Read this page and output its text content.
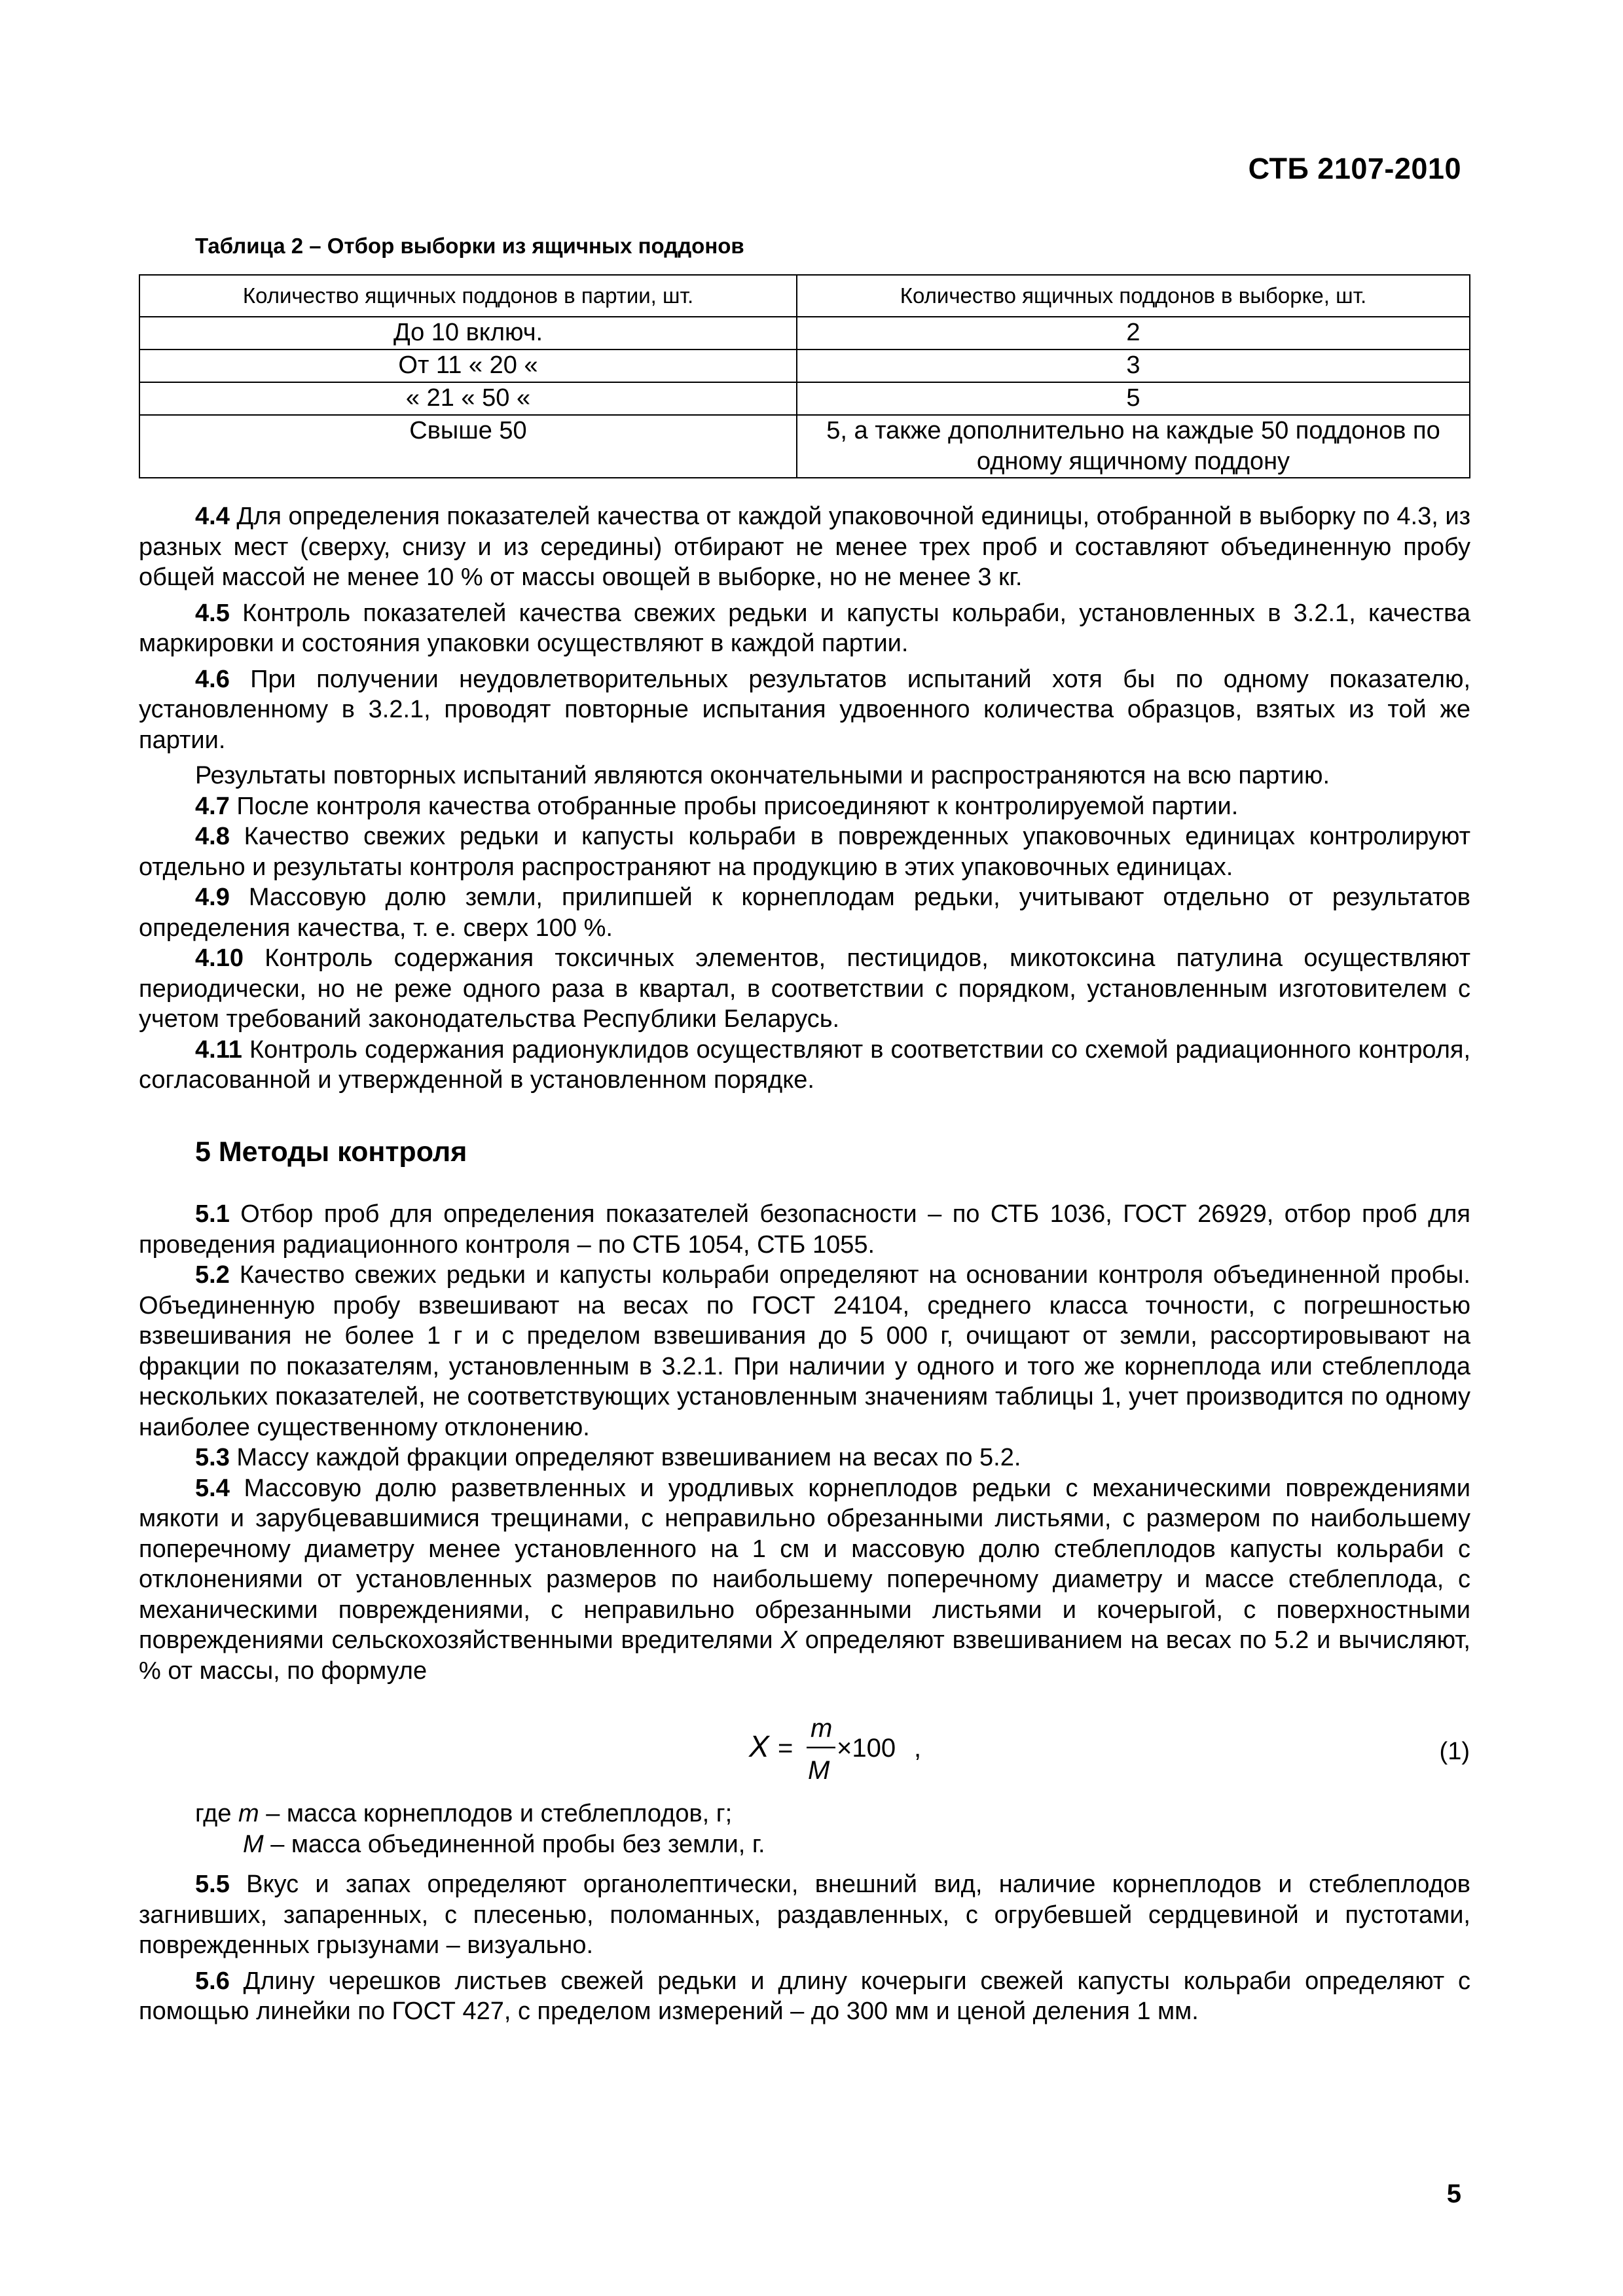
СТБ 2107-2010
Таблица 2 – Отбор выборки из ящичных поддонов
Количество ящичных поддонов в партии, шт.	Количество ящичных поддонов в выборке, шт.
До 10 включ.	2
От 11 « 20 «	3
« 21 « 50 «	5
Свыше 50	5, а также дополнительно на каждые 50 поддонов по одному ящичному поддону

4.4 Для определения показателей качества от каждой упаковочной единицы, отобранной в выборку по 4.3, из разных мест (сверху, снизу и из середины) отбирают не менее трех проб и составляют объединенную пробу общей массой не менее 10 % от массы овощей в выборке, но не менее 3 кг.

4.5 Контроль показателей качества свежих редьки и капусты кольраби, установленных в 3.2.1, качества маркировки и состояния упаковки осуществляют в каждой партии.

4.6 При получении неудовлетворительных результатов испытаний хотя бы по одному показателю, установленному в 3.2.1, проводят повторные испытания удвоенного количества образцов, взятых из той же партии.

Результаты повторных испытаний являются окончательными и распространяются на всю партию.

4.7 После контроля качества отобранные пробы присоединяют к контролируемой партии.

4.8 Качество свежих редьки и капусты кольраби в поврежденных упаковочных единицах контролируют отдельно и результаты контроля распространяют на продукцию в этих упаковочных единицах.

4.9 Массовую долю земли, прилипшей к корнеплодам редьки, учитывают отдельно от результатов определения качества, т. е. сверх 100 %.

4.10 Контроль содержания токсичных элементов, пестицидов, микотоксина патулина осуществляют периодически, но не реже одного раза в квартал, в соответствии с порядком, установленным изготовителем с учетом требований законодательства Республики Беларусь.

4.11 Контроль содержания радионуклидов осуществляют в соответствии со схемой радиационного контроля, согласованной и утвержденной в установленном порядке.

5 Методы контроля

5.1 Отбор проб для определения показателей безопасности – по СТБ 1036, ГОСТ 26929, отбор проб для проведения радиационного контроля – по СТБ 1054, СТБ 1055.

5.2 Качество свежих редьки и капусты кольраби определяют на основании контроля объединенной пробы. Объединенную пробу взвешивают на весах по ГОСТ 24104, среднего класса точности, с погрешностью взвешивания не более 1 г и с пределом взвешивания до 5 000 г, очищают от земли, рассортировывают на фракции по показателям, установленным в 3.2.1. При наличии у одного и того же корнеплода или стеблеплода нескольких показателей, не соответствующих установленным значениям таблицы 1, учет производится по одному наиболее существенному отклонению.

5.3 Массу каждой фракции определяют взвешиванием на весах по 5.2.

5.4 Массовую долю разветвленных и уродливых корнеплодов редьки с механическими повреждениями мякоти и зарубцевавшимися трещинами, с неправильно обрезанными листьями, с размером по наибольшему поперечному диаметру менее установленного на 1 см и массовую долю стеблеплодов капусты кольраби с отклонениями от установленных размеров по наибольшему поперечному диаметру и массе стеблеплода, с механическими повреждениями, с неправильно обрезанными листьями и кочерыгой, с поверхностными повреждениями сельскохозяйственными вредителями X определяют взвешиванием на весах по 5.2 и вычисляют, % от массы, по формуле

X =
m
M
×100 ,	(1)
где m – масса корнеплодов и стеблеплодов, г;
M – масса объединенной пробы без земли, г.

5.5 Вкус и запах определяют органолептически, внешний вид, наличие корнеплодов и стеблеплодов загнивших, запаренных, с плесенью, поломанных, раздавленных, с огрубевшей сердцевиной и пустотами, поврежденных грызунами – визуально.

5.6 Длину черешков листьев свежей редьки и длину кочерыги свежей капусты кольраби определяют с помощью линейки по ГОСТ 427, с пределом измерений – до 300 мм и ценой деления 1 мм.

5
